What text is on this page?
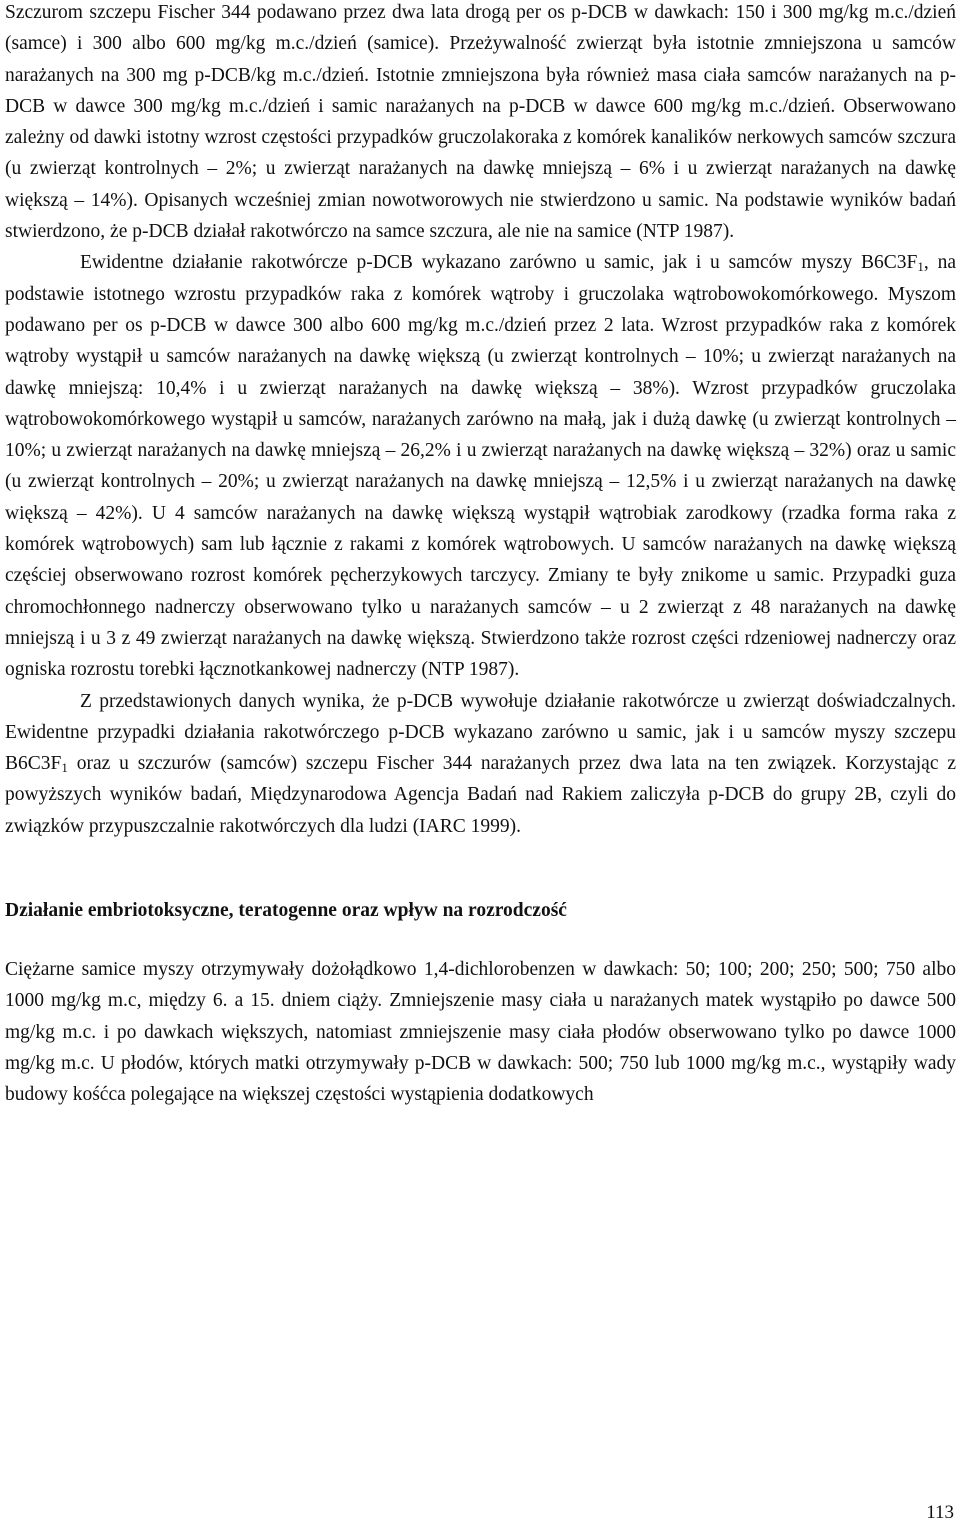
Szczurom szczepu Fischer 344 podawano przez dwa lata drogą per os p-DCB w dawkach: 150 i 300 mg/kg m.c./dzień (samce) i 300 albo 600 mg/kg m.c./dzień (samice). Przeżywalność zwierząt była istotnie zmniejszona u samców narażanych na 300 mg p-DCB/kg m.c./dzień. Istotnie zmniejszona była również masa ciała samców narażanych na p-DCB w dawce 300 mg/kg m.c./dzień i samic narażanych na p-DCB w dawce 600 mg/kg m.c./dzień. Obserwowano zależny od dawki istotny wzrost częstości przypadków gruczolakoraka z komórek kanalików nerkowych samców szczura (u zwierząt kontrolnych – 2%; u zwierząt narażanych na dawkę mniejszą – 6% i u zwierząt narażanych na dawkę większą – 14%). Opisanych wcześniej zmian nowotworowych nie stwierdzono u samic. Na podstawie wyników badań stwierdzono, że p-DCB działał rakotwórczo na samce szczura, ale nie na samice (NTP 1987).

Ewidentne działanie rakotwórcze p-DCB wykazano zarówno u samic, jak i u samców myszy $B6C3F_1$, na podstawie istotnego wzrostu przypadków raka z komórek wątroby i gruczolaka wątrobowokomórkowego. Myszom podawano per os p-DCB w dawce 300 albo 600 mg/kg m.c./dzień przez 2 lata. Wzrost przypadków raka z komórek wątroby wystąpił u samców narażanych na dawkę większą (u zwierząt kontrolnych – 10%; u zwierząt narażanych na dawkę mniejszą: 10,4% i u zwierząt narażanych na dawkę większą – 38%). Wzrost przypadków gruczolaka wątrobowokomórkowego wystąpił u samców, narażanych zarówno na małą, jak i dużą dawkę (u zwierząt kontrolnych – 10%; u zwierząt narażanych na dawkę mniejszą – 26,2% i u zwierząt narażanych na dawkę większą – 32%) oraz u samic (u zwierząt kontrolnych – 20%; u zwierząt narażanych na dawkę mniejszą – 12,5% i u zwierząt narażanych na dawkę większą – 42%). U 4 samców narażanych na dawkę większą wystąpił wątrobiak zarodkowy (rzadka forma raka z komórek wątrobowych) sam lub łącznie z rakami z komórek wątrobowych. U samców narażanych na dawkę większą częściej obserwowano rozrost komórek pęcherzykowych tarczycy. Zmiany te były znikome u samic. Przypadki guza chromochłonnego nadnerczy obserwowano tylko u narażanych samców – u 2 zwierząt z 48 narażanych na dawkę mniejszą i u 3 z 49 zwierząt narażanych na dawkę większą. Stwierdzono także rozrost części rdzeniowej nadnerczy oraz ogniska rozrostu torebki łącznotkankowej nadnerczy (NTP 1987).

Z przedstawionych danych wynika, że p-DCB wywołuje działanie rakotwórcze u zwierząt doświadczalnych. Ewidentne przypadki działania rakotwórczego p-DCB wykazano zarówno u samic, jak i u samców myszy szczepu $B6C3F_1$ oraz u szczurów (samców) szczepu Fischer 344 narażanych przez dwa lata na ten związek. Korzystając z powyższych wyników badań, Międzynarodowa Agencja Badań nad Rakiem zaliczyła p-DCB do grupy 2B, czyli do związków przypuszczalnie rakotwórczych dla ludzi (IARC 1999).

Działanie embriotoksyczne, teratogenne oraz wpływ na rozrodczość

Ciężarne samice myszy otrzymywały dożołądkowo 1,4-dichlorobenzen w dawkach: 50; 100; 200; 250; 500; 750 albo 1000 mg/kg m.c, między 6. a 15. dniem ciąży. Zmniejszenie masy ciała u narażanych matek wystąpiło po dawce 500 mg/kg m.c. i po dawkach większych, natomiast zmniejszenie masy ciała płodów obserwowano tylko po dawce 1000 mg/kg m.c. U płodów, których matki otrzymywały p-DCB w dawkach: 500; 750 lub 1000 mg/kg m.c., wystąpiły wady budowy kośćca polegające na większej częstości wystąpienia dodatkowych

113
